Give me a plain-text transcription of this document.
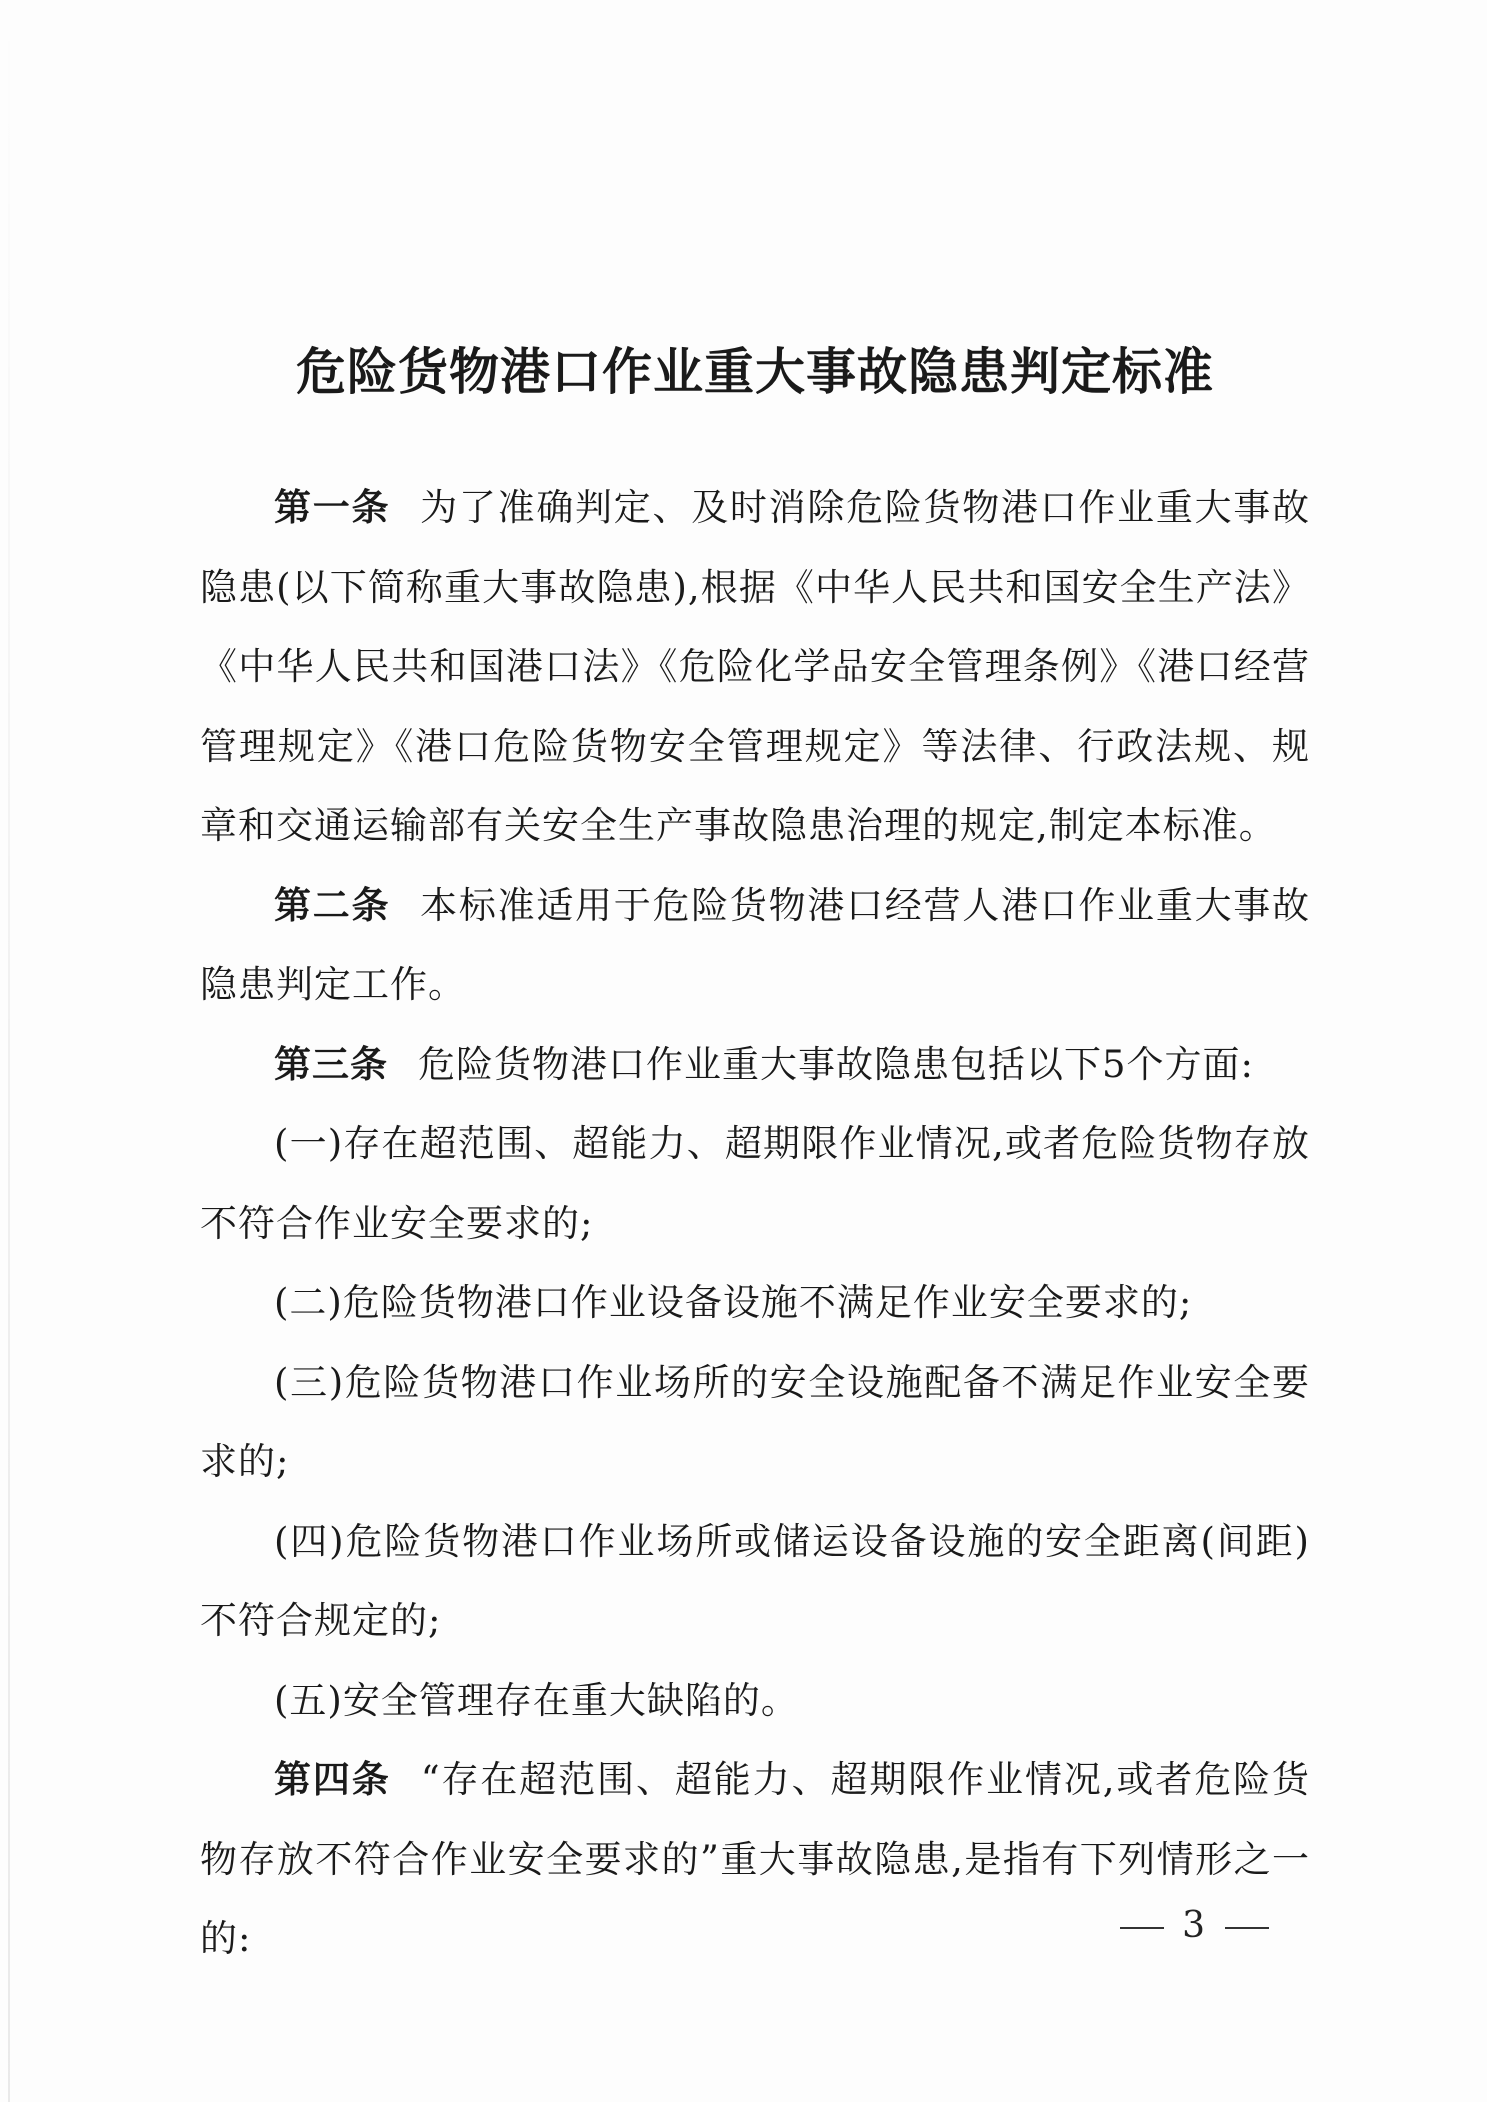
危险货物港口作业重大事故隐患判定标准

第一条 为了准确判定、及时消除危险货物港口作业重大事故隐患(以下简称重大事故隐患),根据《中华人民共和国安全生产法》《中华人民共和国港口法》《危险化学品安全管理条例》《港口经营管理规定》《港口危险货物安全管理规定》等法律、行政法规、规章和交通运输部有关安全生产事故隐患治理的规定,制定本标准。

第二条 本标准适用于危险货物港口经营人港口作业重大事故隐患判定工作。

第三条 危险货物港口作业重大事故隐患包括以下5个方面:

(一)存在超范围、超能力、超期限作业情况,或者危险货物存放不符合作业安全要求的;

(二)危险货物港口作业设备设施不满足作业安全要求的;

(三)危险货物港口作业场所的安全设施配备不满足作业安全要求的;

(四)危险货物港口作业场所或储运设备设施的安全距离(间距)不符合规定的;

(五)安全管理存在重大缺陷的。

第四条 “存在超范围、超能力、超期限作业情况,或者危险货物存放不符合作业安全要求的”重大事故隐患,是指有下列情形之一的:	3
